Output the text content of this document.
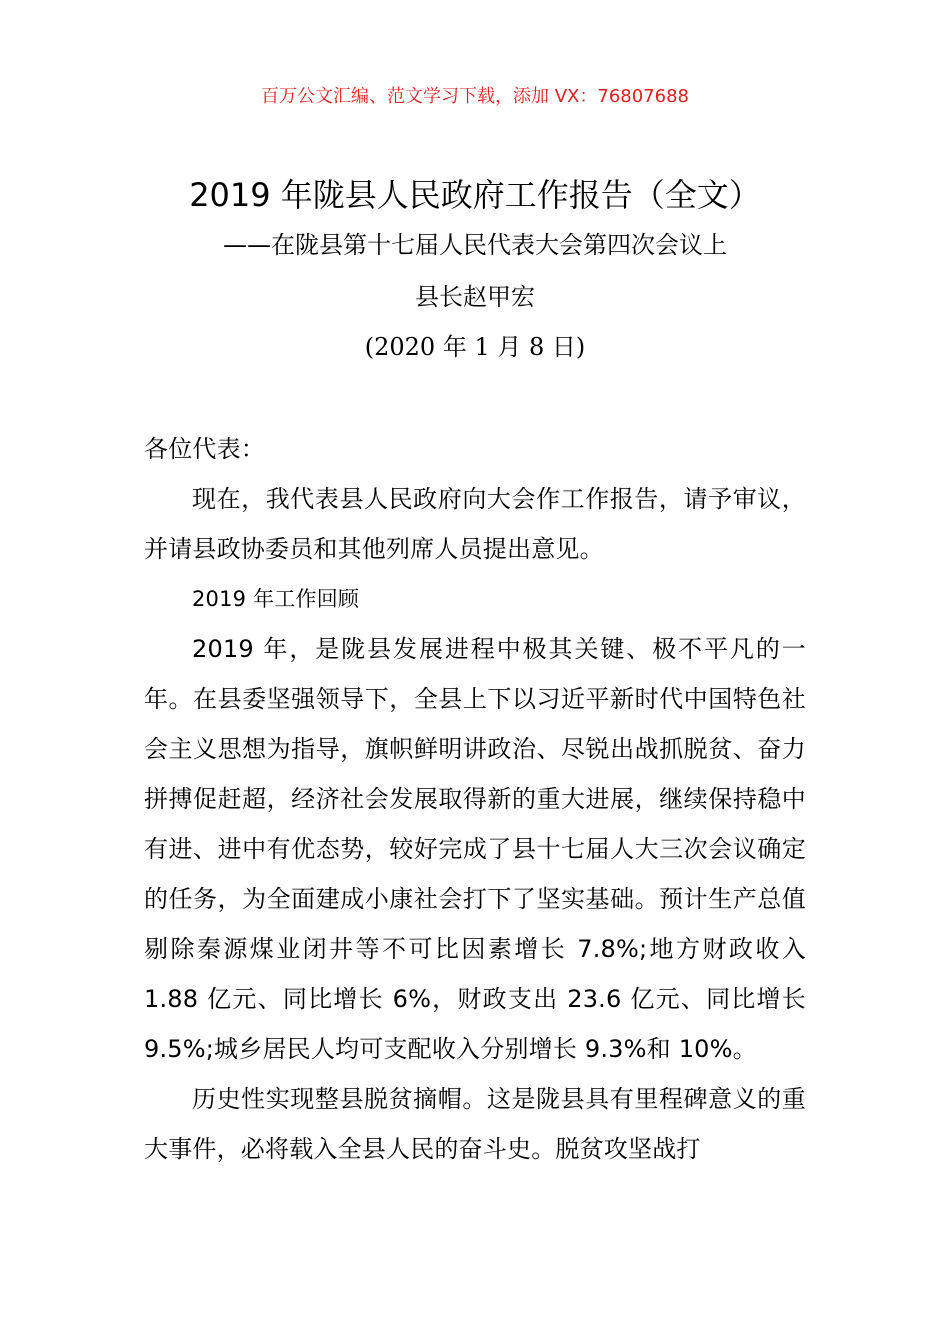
百万公文汇编、范文学习下载，添加 VX：76807688
2019 年陇县人民政府工作报告（全文）
——在陇县第十七届人民代表大会第四次会议上
县长赵甲宏
(2020 年 1 月 8 日)

各位代表：

现在，我代表县人民政府向大会作工作报告，请予审议，并请县政协委员和其他列席人员提出意见。

2019 年工作回顾

2019 年，是陇县发展进程中极其关键、极不平凡的一年。在县委坚强领导下，全县上下以习近平新时代中国特色社会主义思想为指导，旗帜鲜明讲政治、尽锐出战抓脱贫、奋力拼搏促赶超，经济社会发展取得新的重大进展，继续保持稳中有进、进中有优态势，较好完成了县十七届人大三次会议确定的任务，为全面建成小康社会打下了坚实基础。预计生产总值剔除秦源煤业闭井等不可比因素增长 7.8%;地方财政收入 1.88 亿元、同比增长 6%，财政支出 23.6 亿元、同比增长 9.5%;城乡居民人均可支配收入分别增长 9.3%和 10%。

历史性实现整县脱贫摘帽。这是陇县具有里程碑意义的重大事件，必将载入全县人民的奋斗史。脱贫攻坚战打
